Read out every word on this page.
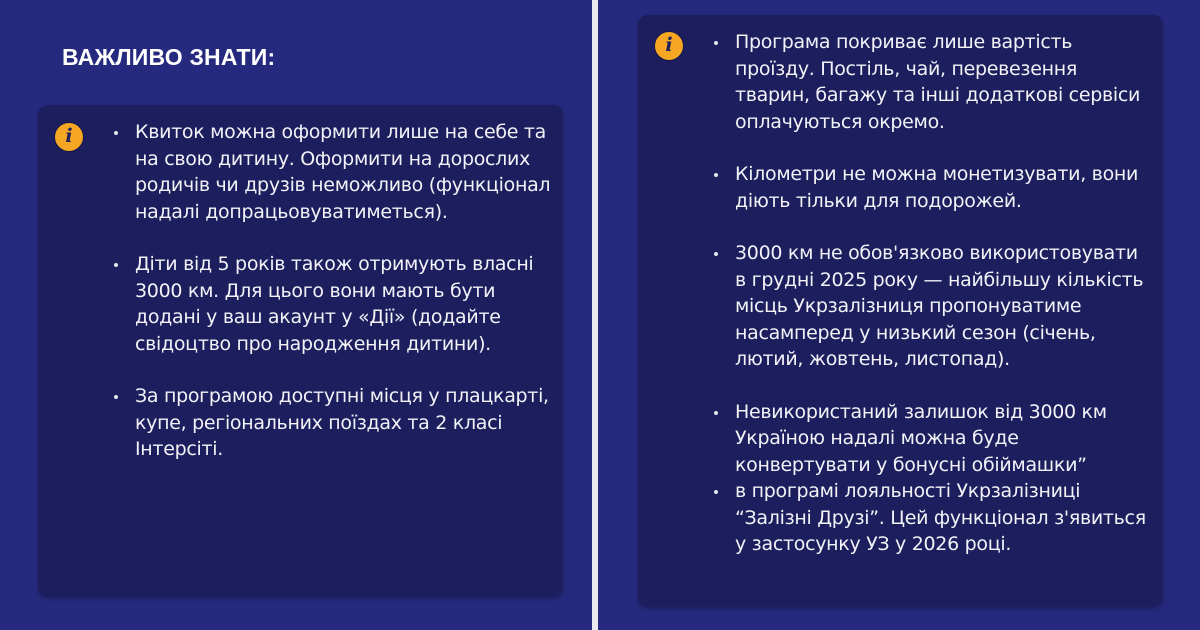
ВАЖЛИВО ЗНАТИ:
i	Квиток можна оформити лише на себе та на свою дитину. Оформити на дорослих родичів чи друзів неможливо (функціонал надалі допрацьовуватиметься).
Діти від 5 років також отримують власні 3000 км. Для цього вони мають бути додані у ваш акаунт у «Дії» (додайте свідоцтво про народження дитини).
За програмою доступні місця у плацкарті, купе, регіональних поїздах та 2 класі Інтерсіті.
i	Програма покриває лише вартість проїзду. Постіль, чай, перевезення тварин, багажу та інші додаткові сервіси оплачуються окремо.
Кілометри не можна монетизувати, вони діють тільки для подорожей.
3000 км не обов'язково використовувати в грудні 2025 року — найбільшу кількість місць Укрзалізниця пропонуватиме насамперед у низький сезон (січень, лютий, жовтень, листопад).
Невикористаний залишок від 3000 км Україною надалі можна буде конвертувати у бонусні обіймашки”
в програмі лояльності Укрзалізниці “Залізні Друзі”. Цей функціонал з'явиться у застосунку УЗ у 2026 році.
